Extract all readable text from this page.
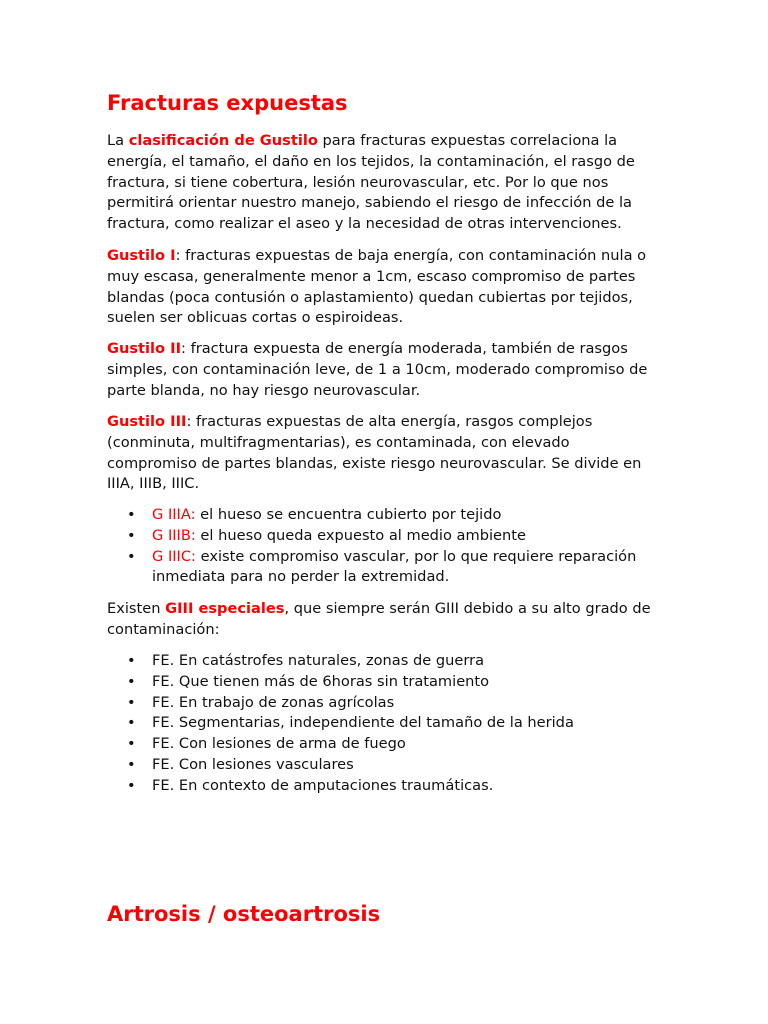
Fracturas expuestas

La clasificación de Gustilo para fracturas expuestas correlaciona la energía, el tamaño, el daño en los tejidos, la contaminación, el rasgo de fractura, si tiene cobertura, lesión neurovascular, etc. Por lo que nos permitirá orientar nuestro manejo, sabiendo el riesgo de infección de la fractura, como realizar el aseo y la necesidad de otras intervenciones.

Gustilo I: fracturas expuestas de baja energía, con contaminación nula o muy escasa, generalmente menor a 1cm, escaso compromiso de partes blandas (poca contusión o aplastamiento) quedan cubiertas por tejidos, suelen ser oblicuas cortas o espiroideas.

Gustilo II: fractura expuesta de energía moderada, también de rasgos simples, con contaminación leve, de 1 a 10cm, moderado compromiso de parte blanda, no hay riesgo neurovascular.

Gustilo III: fracturas expuestas de alta energía, rasgos complejos (conminuta, multifragmentarias), es contaminada, con elevado compromiso de partes blandas, existe riesgo neurovascular. Se divide en IIIA, IIIB, IIIC.

• G IIIA: el hueso se encuentra cubierto por tejido
• G IIIB: el hueso queda expuesto al medio ambiente
• G IIIC: existe compromiso vascular, por lo que requiere reparación inmediata para no perder la extremidad.

Existen GIII especiales, que siempre serán GIII debido a su alto grado de contaminación:

• FE. En catástrofes naturales, zonas de guerra
• FE. Que tienen más de 6horas sin tratamiento
• FE. En trabajo de zonas agrícolas
• FE. Segmentarias, independiente del tamaño de la herida
• FE. Con lesiones de arma de fuego
• FE. Con lesiones vasculares
• FE. En contexto de amputaciones traumáticas.
Artrosis / osteoartrosis
